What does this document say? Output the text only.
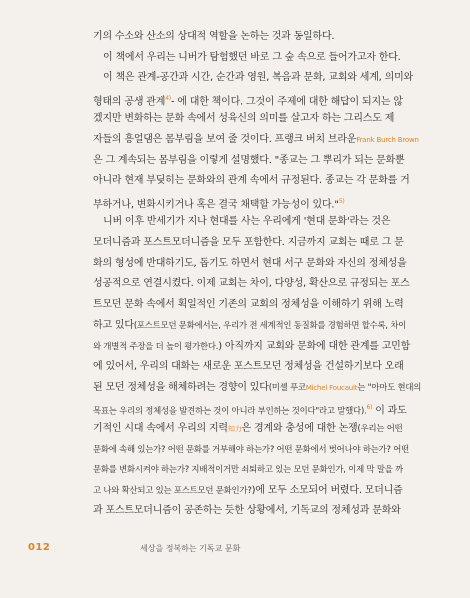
기의 수소와 산소의 상대적 역할을 논하는 것과 동일하다.
이 책에서 우리는 니버가 탐험했던 바로 그 숲 속으로 들어가고자 한다.
이 책은 관계-공간과 시간, 순간과 영원, 복음과 문화, 교회와 세계, 의미와
형태의 공생 관계$^{4)}$- 에 대한 책이다. 그것이 주제에 대한 해답이 되지는 않
겠지만 변화하는 문화 속에서 성육신의 의미를 살고자 하는 그리스도 제
자들의 흥얼댐은 몸부림을 보여 줄 것이다. 프랭크 버치 브라운Frank Burch Brown
은 그 계속되는 몸부림을 이렇게 설명했다. "종교는 그 뿌리가 되는 문화뿐
아니라 현재 부딪히는 문화와의 관계 속에서 규정된다. 종교는 각 문화를 거
부하거나, 변화시키거나 혹은 결국 채택할 가능성이 있다."$^{5)}$
니버 이후 반세기가 지나 현대를 사는 우리에게 '현대 문화'라는 것은
모더니즘과 포스트모더니즘을 모두 포함한다. 지금까지 교회는 때로 그 문
화의 형성에 반대하기도, 돕기도 하면서 현대 서구 문화와 자신의 정체성을
성공적으로 연결시켰다. 이제 교회는 차이, 다양성, 확산으로 규정되는 포스
트모던 문화 속에서 획일적인 기존의 교회의 정체성을 이해하기 위해 노력
하고 있다(포스트모던 문화에서는, 우리가 전 세계적인 동질화를 경험하면 할수록, 차이
와 개별적 주장을 더 높이 평가한다.) 아직까지 교회와 문화에 대한 관계를 고민함
에 있어서, 우리의 대화는 새로운 포스트모던 정체성을 건설하기보다 오래
된 모던 정체성을 해체하려는 경향이 있다(미셸 푸코Michel Foucault는 "아마도 현대의
목표는 우리의 정체성을 발견하는 것이 아니라 부인하는 것이다"라고 말했다).$^{6)}$ 이 과도
기적인 시대 속에서 우리의 지력知力은 경계와 충성에 대한 논쟁(우리는 어떤
문화에 속해 있는가? 어떤 문화를 거부해야 하는가? 어떤 문화에서 벗어나야 하는가? 어떤
문화를 변화시켜야 하는가? 지배적이거만 쇠퇴하고 있는 모던 문화인가, 이제 막 말을 까
고 나와 확산되고 있는 포스트모던 문화인가?)에 모두 소모되어 버렸다. 모더니즘
과 포스트모더니즘이 공존하는 듯한 상황에서, 기독교의 정체성과 문화와
012	세상을 정복하는 기독교 문화
